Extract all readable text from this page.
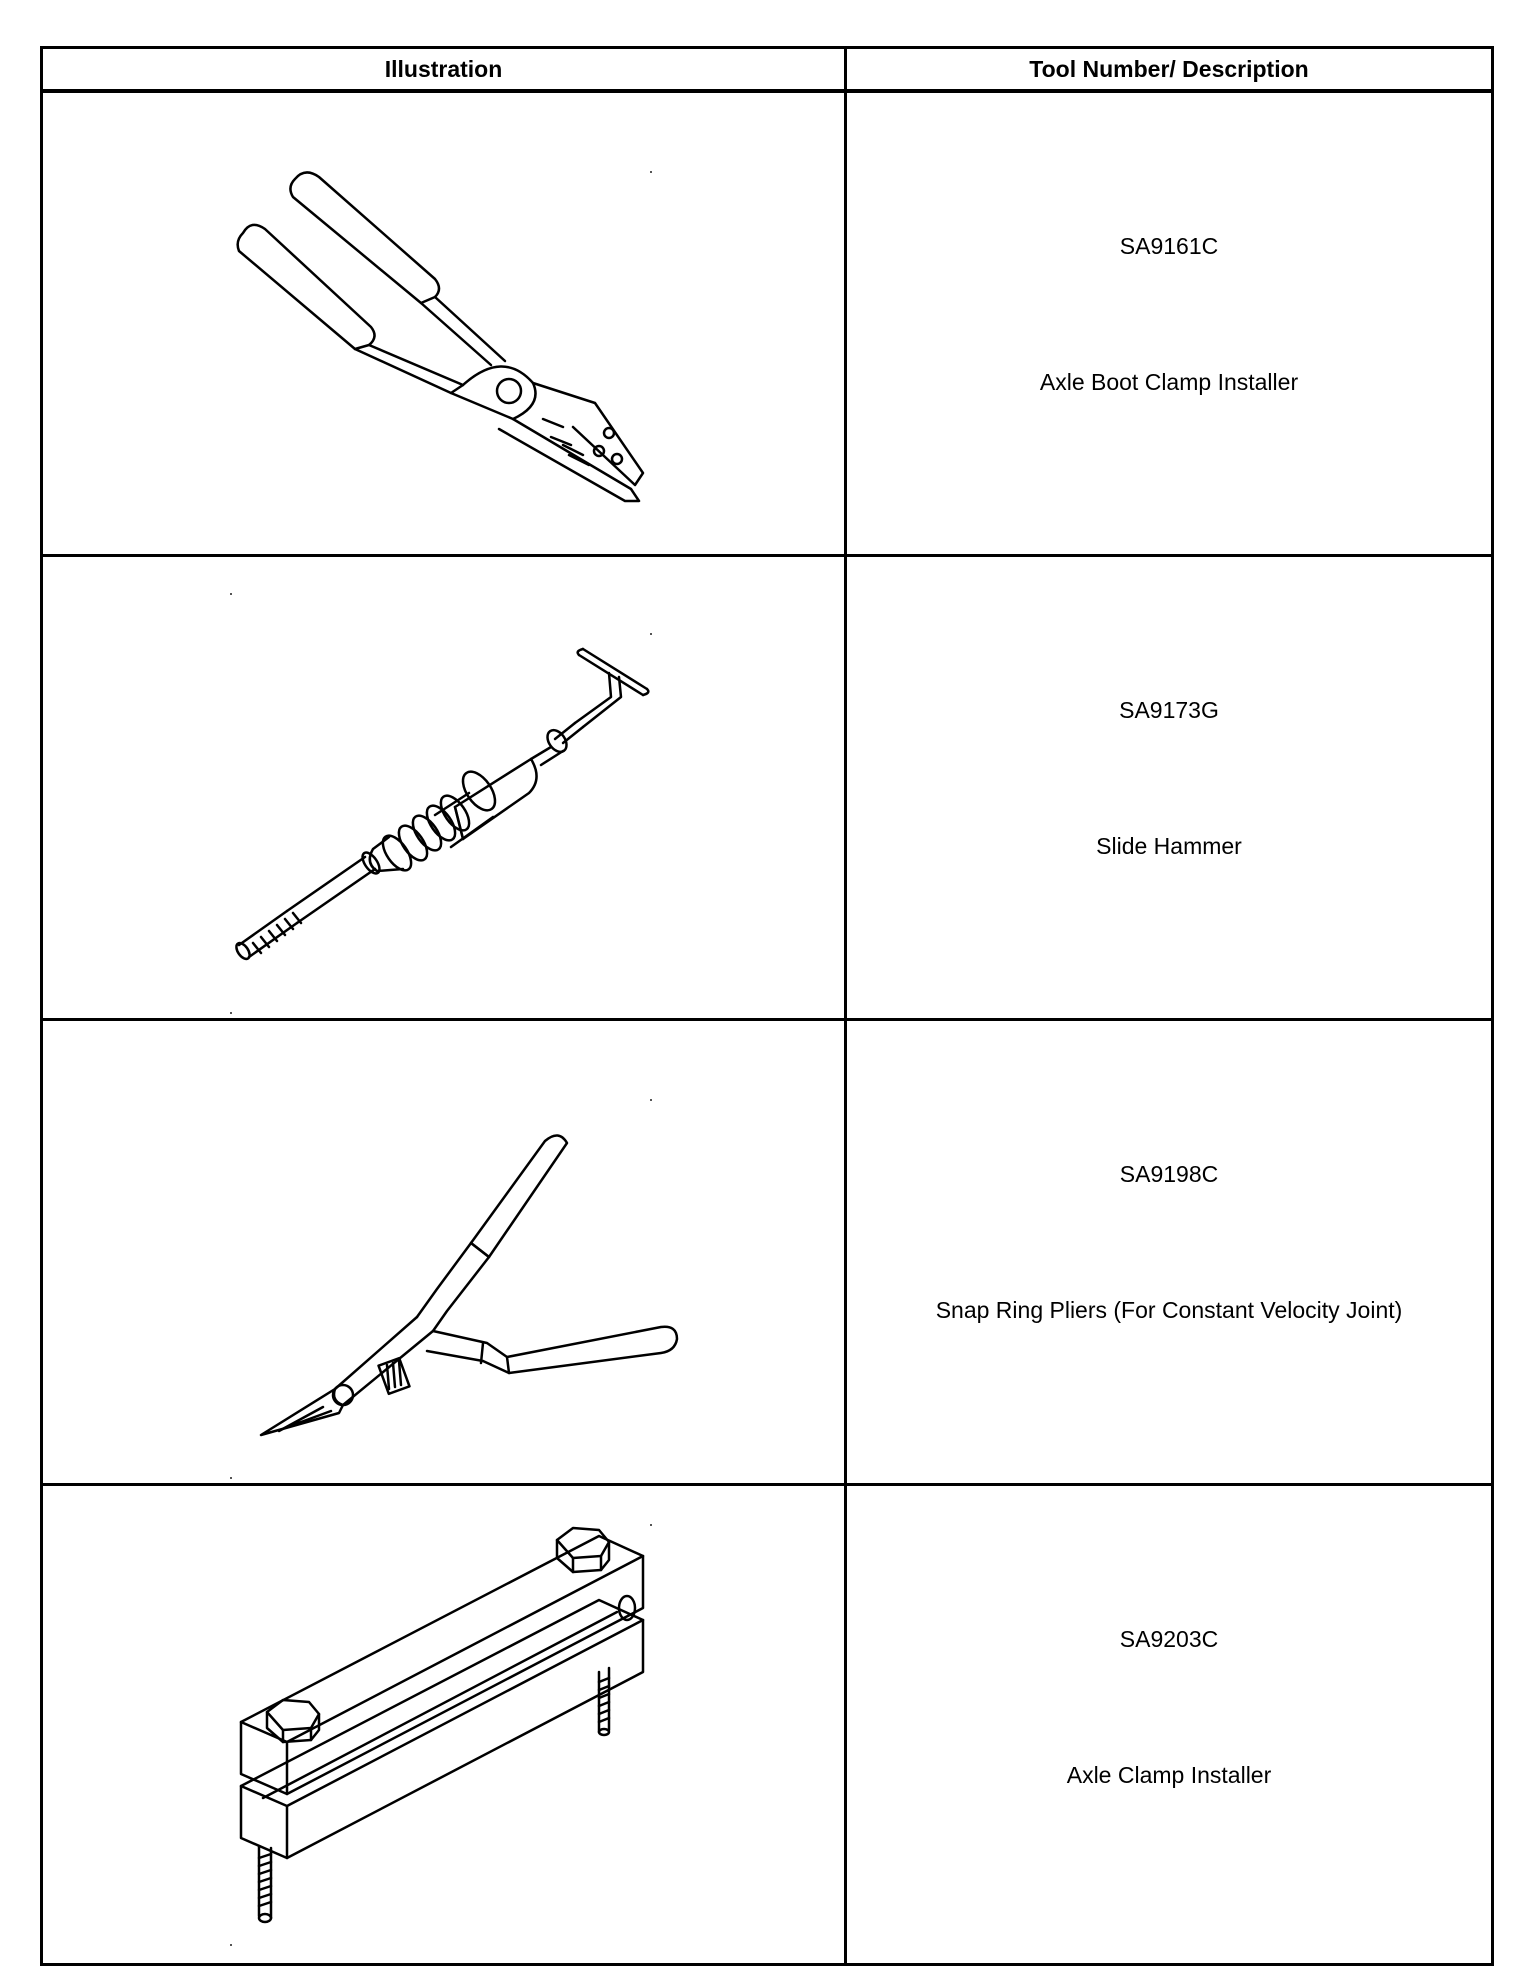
Illustration	Tool Number/ Description
SA9161C
Axle Boot Clamp Installer
SA9173G
Slide Hammer
SA9198C
Snap Ring Pliers (For Constant Velocity Joint)
SA9203C
Axle Clamp Installer
